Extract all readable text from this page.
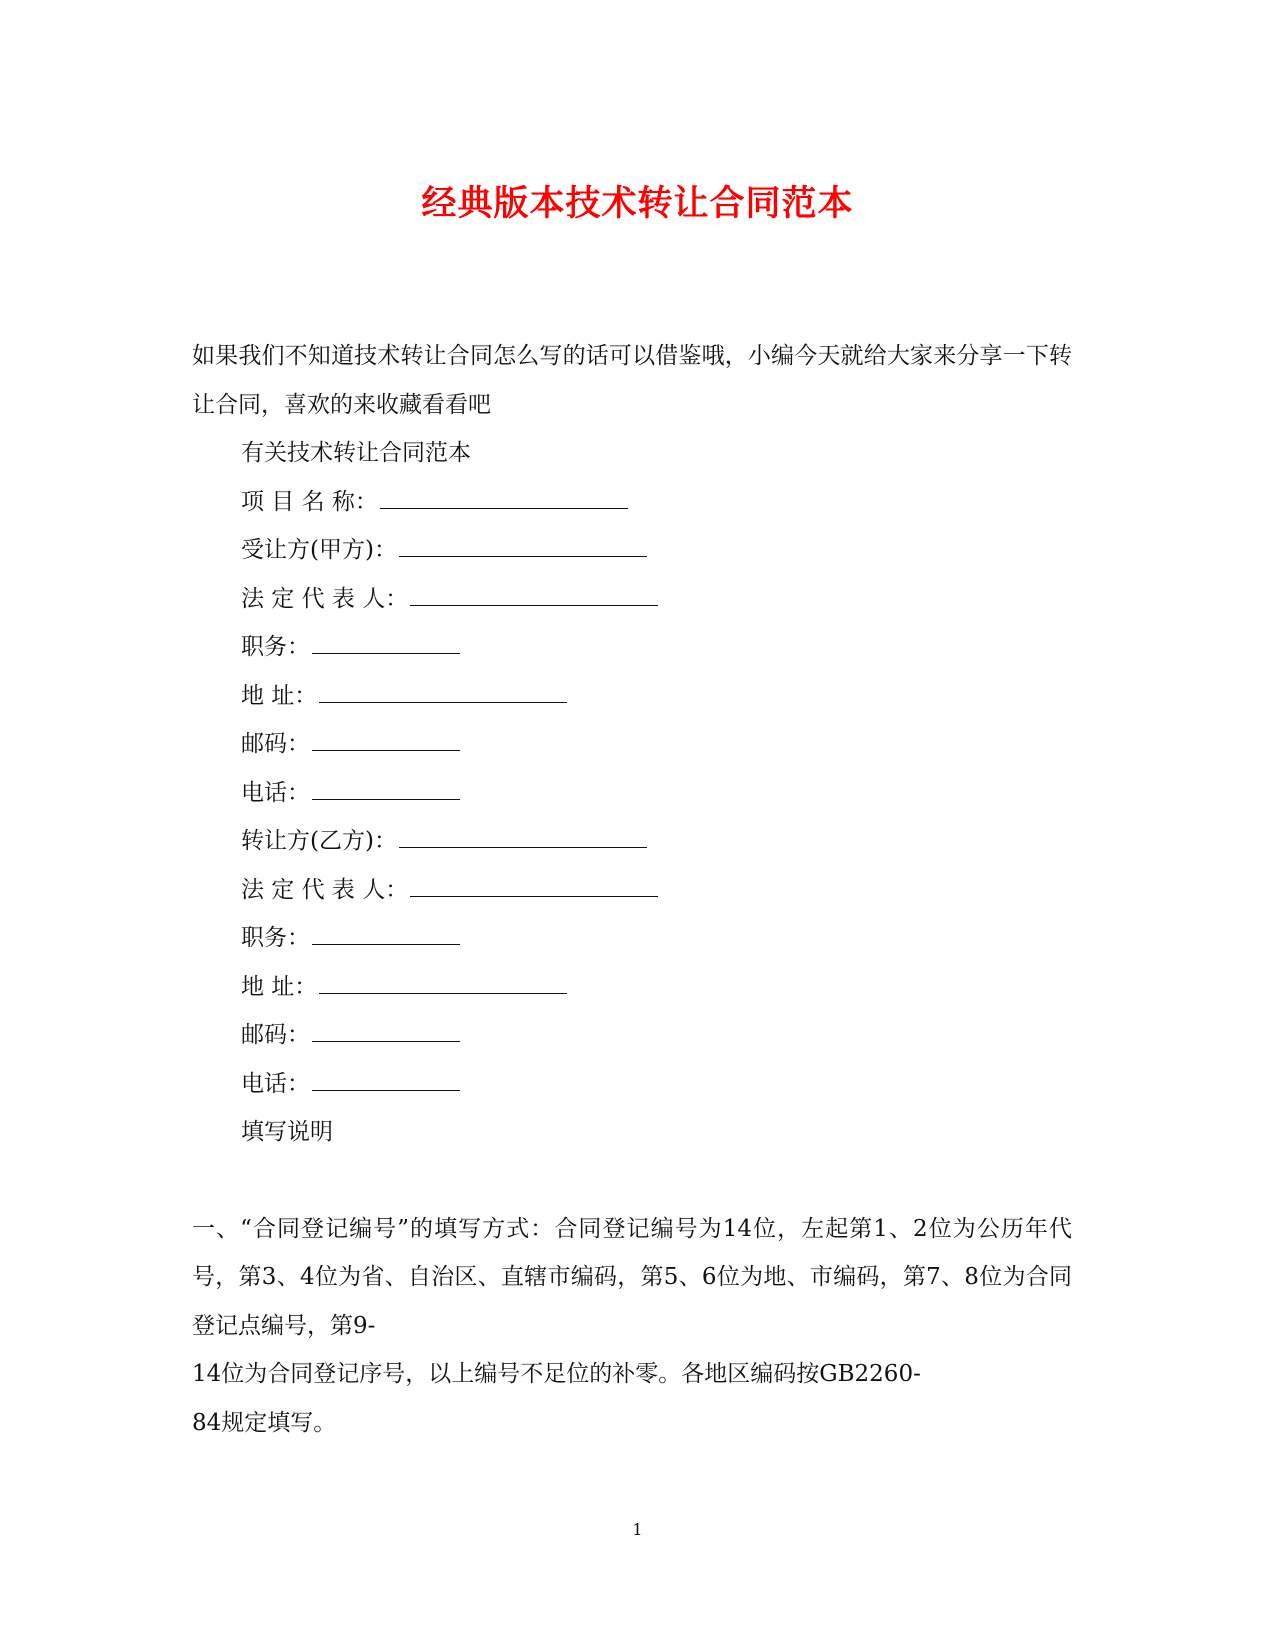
经典版本技术转让合同范本

如果我们不知道技术转让合同怎么写的话可以借鉴哦，小编今天就给大家来分享一下转让合同，喜欢的来收藏看看吧

有关技术转让合同范本

项 目 名 称：

受让方(甲方)：

法 定 代 表 人：

职务：

地 址：

邮码：

电话：

转让方(乙方)：

法 定 代 表 人：

职务：

地 址：

邮码：

电话：

填写说明

一、“合同登记编号”的填写方式：合同登记编号为14位，左起第1、2位为公历年代号，第3、4位为省、自治区、直辖市编码，第5、6位为地、市编码，第7、8位为合同登记点编号，第9-

14位为合同登记序号，以上编号不足位的补零。各地区编码按GB2260-

84规定填写。

1
